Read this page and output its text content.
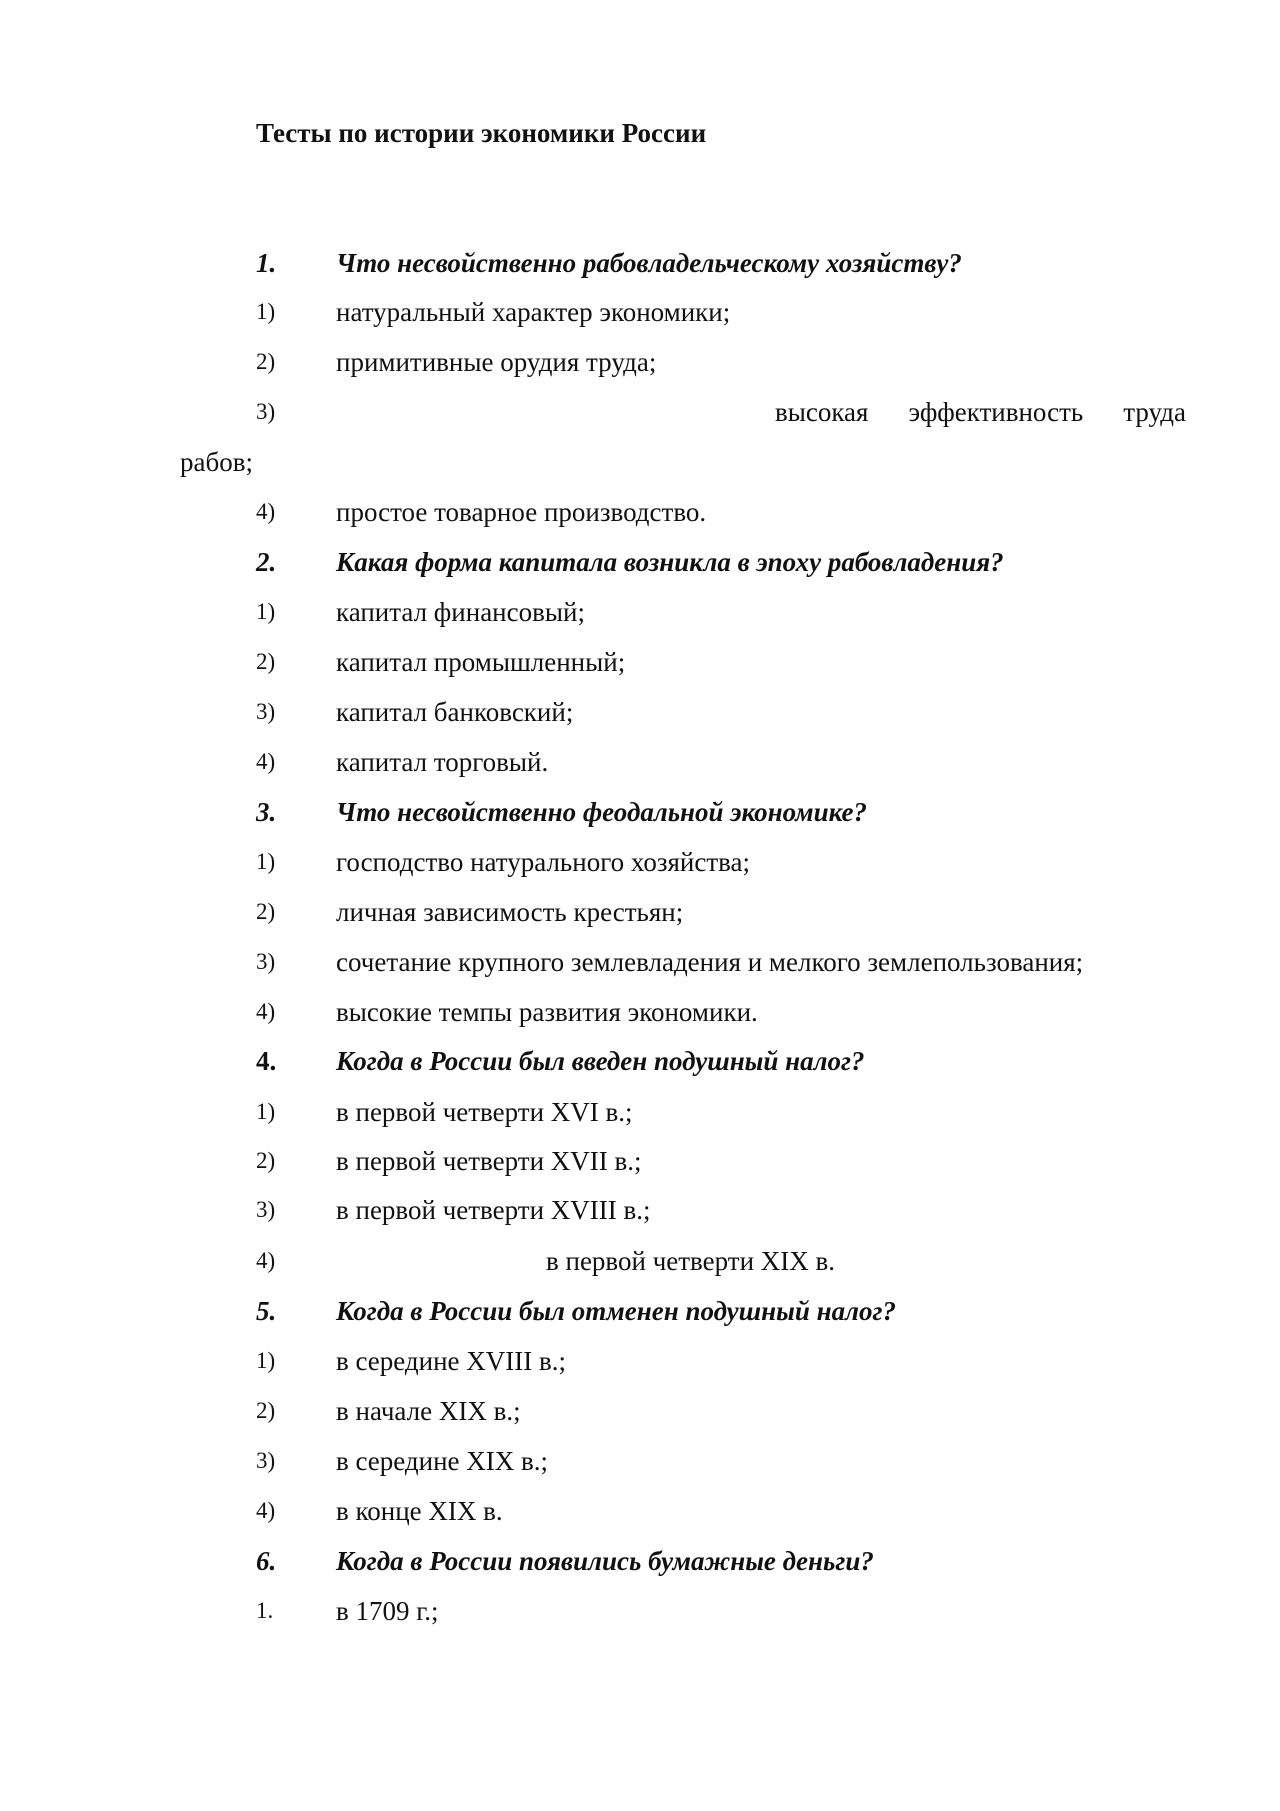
Тесты по истории экономики России
1. Что несвойственно рабовладельческому хозяйству?
1) натуральный характер экономики;
2) примитивные орудия труда;
3)	высокая эффективность труда
рабов;
4) простое товарное производство.
2. Какая форма капитала возникла в эпоху рабовладения?
1) капитал финансовый;
2) капитал промышленный;
3) капитал банковский;
4) капитал торговый.
3. Что несвойственно феодальной экономике?
1) господство натурального хозяйства;
2) личная зависимость крестьян;
3) сочетание крупного землевладения и мелкого землепользования;
4) высокие темпы развития экономики.
4. Когда в России был введен подушный налог?
1) в первой четверти XVI в.;
2) в первой четверти XVII в.;
3) в первой четверти XVIII в.;
4)	в первой четверти XIX в.
5. Когда в России был отменен подушный налог?
1) в середине XVIII в.;
2) в начале XIX в.;
3) в середине XIX в.;
4) в конце XIX в.
6. Когда в России появились бумажные деньги?
1. в 1709 г.;
